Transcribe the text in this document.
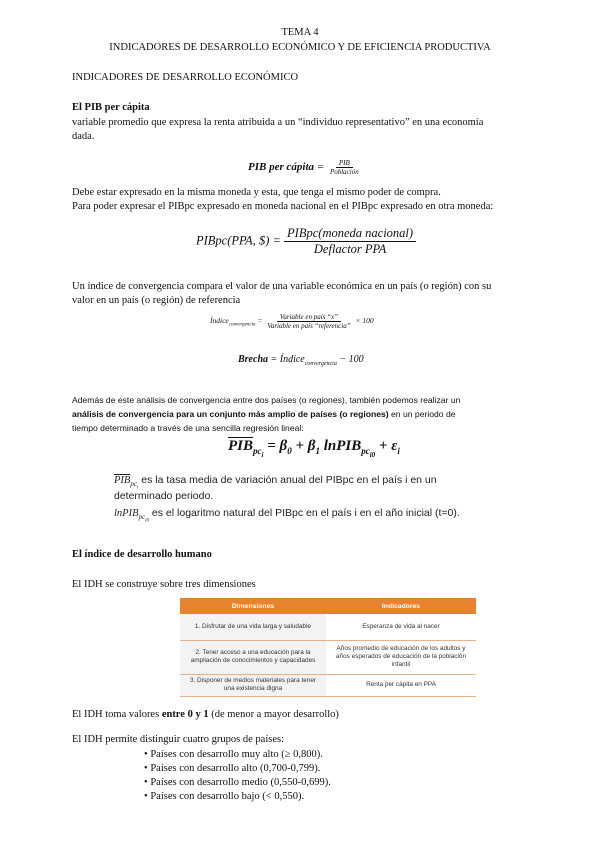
TEMA 4
INDICADORES DE DESARROLLO ECONÓMICO Y DE EFICIENCIA PRODUCTIVA
INDICADORES DE DESARROLLO ECONÓMICO
El PIB per cápita
variable promedio que expresa la renta atribuida a un “individuo representativo” en una economía
dada.
PIB per cápita = $\frac{\text{PIB}}{\text{Población}}$
Debe estar expresado en la misma moneda y esta, que tenga el mismo poder de compra.
Para poder expresar el PIBpc expresado en moneda nacional en el PIBpc expresado en otra moneda:
PIBpc(PPA, $) = $\frac{\text{PIBpc(moneda nacional)}}{\text{Deflactor PPA}}$
Un índice de convergencia compara el valor de una variable económica en un país (o región) con su
valor en un país (o región) de referencia
Índice$_{convergencia}$ = $\frac{\text{Variable en país “x”}}{\text{Variable en país “referencia”}} \times 100$
Brecha = Índice$_{convergencia}$ − 100
Además de este análisis de convergencia entre dos países (o regiones), también podemos realizar un
análisis de convergencia para un conjunto más amplio de países (o regiones) en un periodo de
tiempo determinado a través de una sencilla regresión lineal:
$\overline{PIB}_{pc_i} = \beta_0 + \beta_1$ lnPIB$_{pc_{i0}}$ + $\varepsilon_i$
$\overline{PIB}_{pc_i}$ es la tasa media de variación anual del PIBpc en el país i en un
determinado periodo.
lnPIB$_{pc_{i0}}$ es el logaritmo natural del PIBpc en el país i en el año inicial (t=0).
El índice de desarrollo humano
El IDH se construye sobre tres dimensiones
Dimensiones	Indicadores
1. Disfrutar de una vida larga y saludable	Esperanza de vida al nacer
2. Tener acceso a una educación para la ampliación de conocimientos y capacidades	Años promedio de educación de los adultos y años esperados de educación de la población infantil
3. Disponer de medios materiales para tener una existencia digna	Renta per cápita en PPA
El IDH toma valores entre 0 y 1 (de menor a mayor desarrollo)
El IDH permite distinguir cuatro grupos de países:
• Países con desarrollo muy alto (≥ 0,800).
• Países con desarrollo alto (0,700-0,799).
• Países con desarrollo medio (0,550-0,699).
• Países con desarrollo bajo (< 0,550).
